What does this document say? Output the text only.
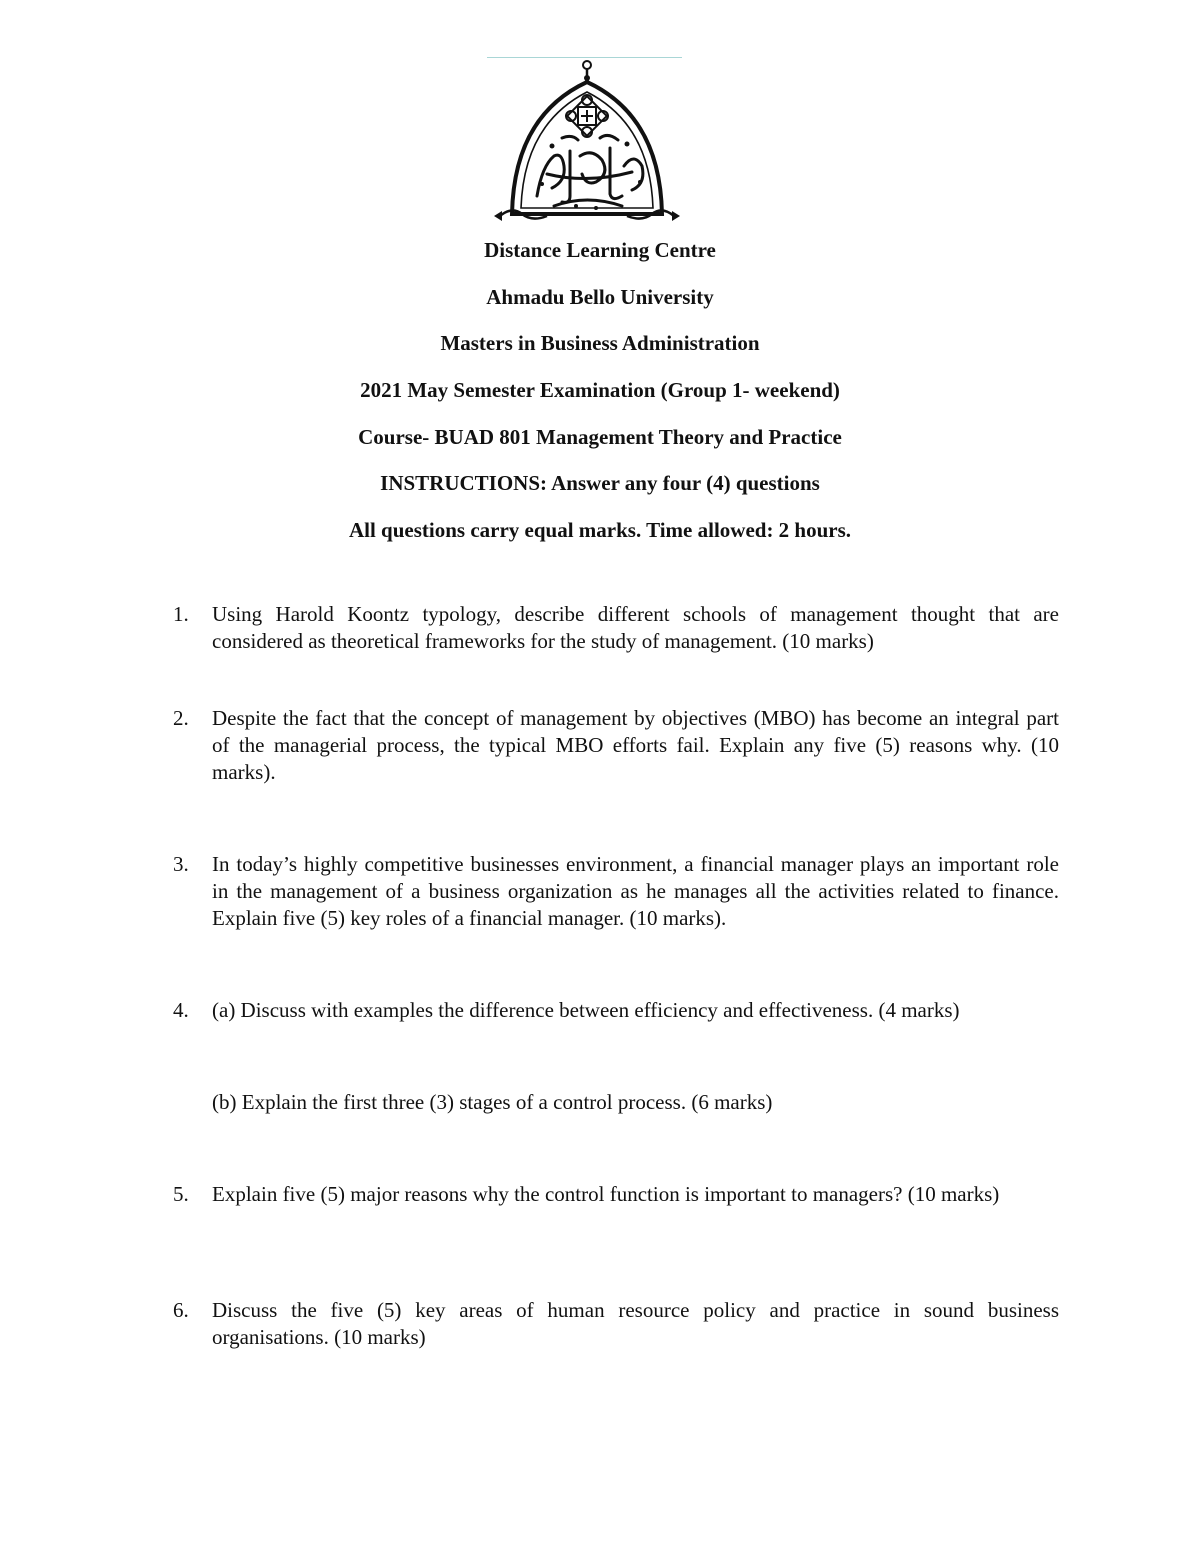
Distance Learning Centre
Ahmadu Bello University
Masters in Business Administration
2021 May Semester Examination (Group 1- weekend)
Course- BUAD 801 Management Theory and Practice
INSTRUCTIONS: Answer any four (4) questions
All questions carry equal marks. Time allowed: 2 hours.
1. Using Harold Koontz typology, describe different schools of management thought that are considered as theoretical frameworks for the study of management. (10 marks)
2. Despite the fact that the concept of management by objectives (MBO) has become an integral part of the managerial process, the typical MBO efforts fail. Explain any five (5) reasons why. (10 marks).
3. In today’s highly competitive businesses environment, a financial manager plays an important role in the management of a business organization as he manages all the activities related to finance. Explain five (5) key roles of a financial manager. (10 marks).
4. (a) Discuss with examples the difference between efficiency and effectiveness. (4 marks)
(b) Explain the first three (3) stages of a control process. (6 marks)
5. Explain five (5) major reasons why the control function is important to managers? (10 marks)
6. Discuss the five (5) key areas of human resource policy and practice in sound business organisations. (10 marks)
